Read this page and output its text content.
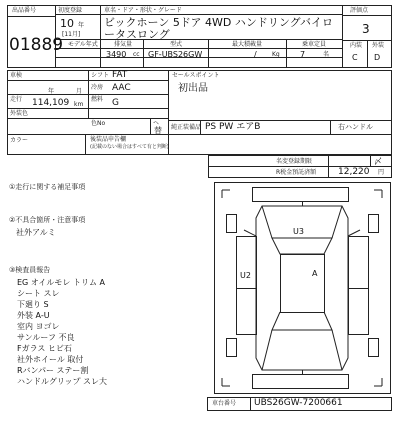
出品番号
01889
初度登録
10 年
[11月]
車名・ドア・形状・グレード
ビックホーン 5ドア 4WD ハンドリングバイロータスロング
評価点
3
モデル年式	排気量	型式	最大積載量	乗車定員
3490 cc GF-UBS26GW	/	Kg	7	名
内装 外装
C D
車検	シフト FAT
年	月
冷房 AAC
走行 114,109 km
燃料 G
外装色
色No	ヘ
替
カラー	後装品申告欄
(記載のない場合はすべて有と判断)
セールスポイント
初出品
純正装備品 PS PW エアB	右ハンドル
名変登録期限	〆
R税金預託済額 12,220 円
①走行に関する補足事項
②不具合箇所・注意事項
社外アルミ
③検査員報告
EG オイルモレ トリム A
シート スレ
下廻り S
外装 A-U
室内 ヨゴレ
サンルーフ 不良
Fガラス ヒビ石
社外ホイール 取付
Rバンパー ステー割
ハンドルグリップ スレ大
U3
U2	A
車台番号 UBS26GW-7200661
